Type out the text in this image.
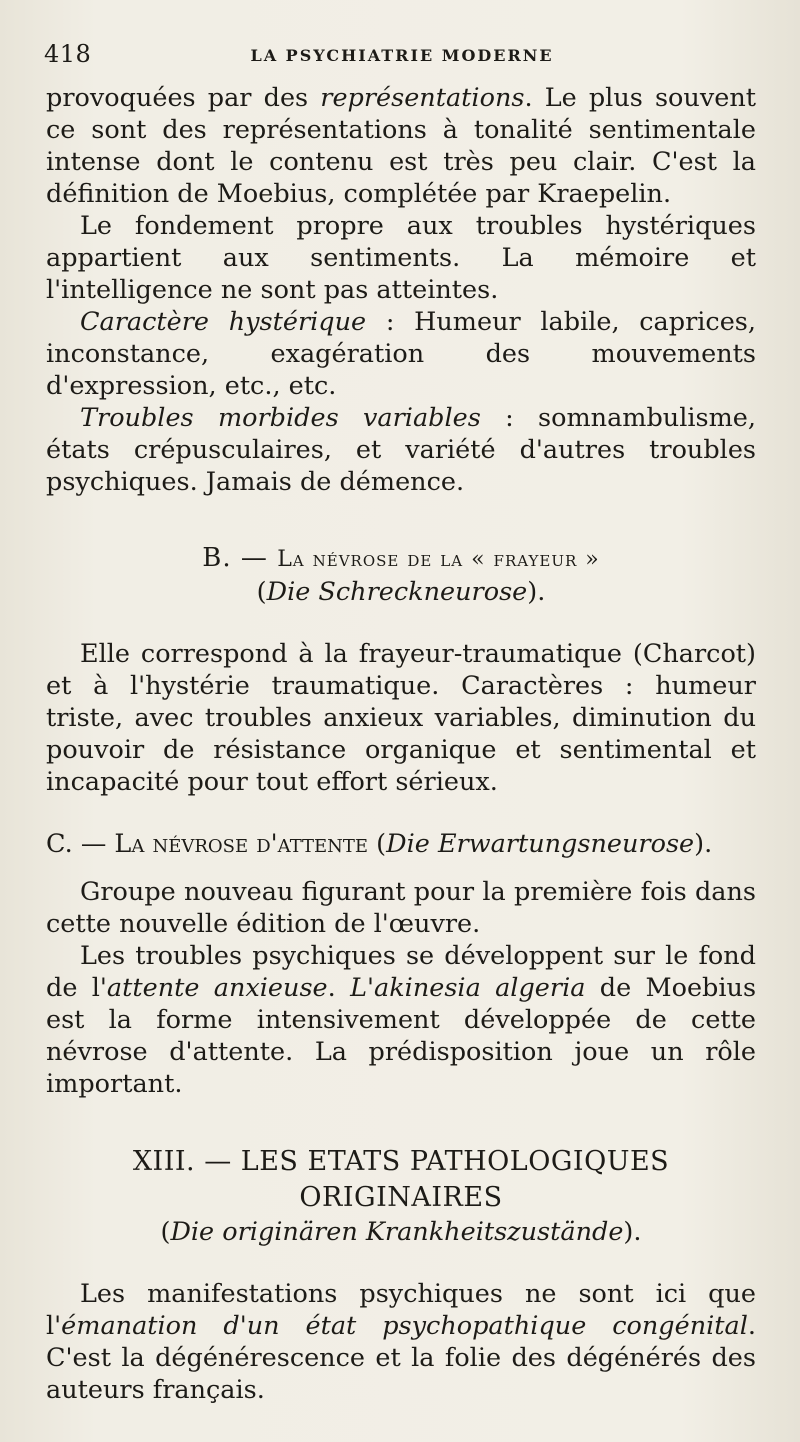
418	LA PSYCHIATRIE MODERNE

provoquées par des représentations. Le plus souvent ce sont des représentations à tonalité sentimentale intense dont le contenu est très peu clair. C'est la définition de Moebius, complétée par Kraepelin.

Le fondement propre aux troubles hystériques appartient aux sentiments. La mémoire et l'intelligence ne sont pas atteintes.

Caractère hystérique : Humeur labile, caprices, inconstance, exagération des mouvements d'expression, etc., etc.

Troubles morbides variables : somnambulisme, états crépusculaires, et variété d'autres troubles psychiques. Jamais de démence.

B. — La névrose de la « frayeur »

(Die Schreckneurose).

Elle correspond à la frayeur-traumatique (Charcot) et à l'hystérie traumatique. Caractères : humeur triste, avec troubles anxieux variables, diminution du pouvoir de résistance organique et sentimental et incapacité pour tout effort sérieux.

C. — La névrose d'attente (Die Erwartungsneurose).

Groupe nouveau figurant pour la première fois dans cette nouvelle édition de l'œuvre.

Les troubles psychiques se développent sur le fond de l'attente anxieuse. L'akinesia algeria de Moebius est la forme intensivement développée de cette névrose d'attente. La prédisposition joue un rôle important.

XIII. — LES ETATS PATHOLOGIQUES

ORIGINAIRES

(Die originären Krankheitszustände).

Les manifestations psychiques ne sont ici que l'émanation d'un état psychopathique congénital. C'est la dégénérescence et la folie des dégénérés des auteurs français.
